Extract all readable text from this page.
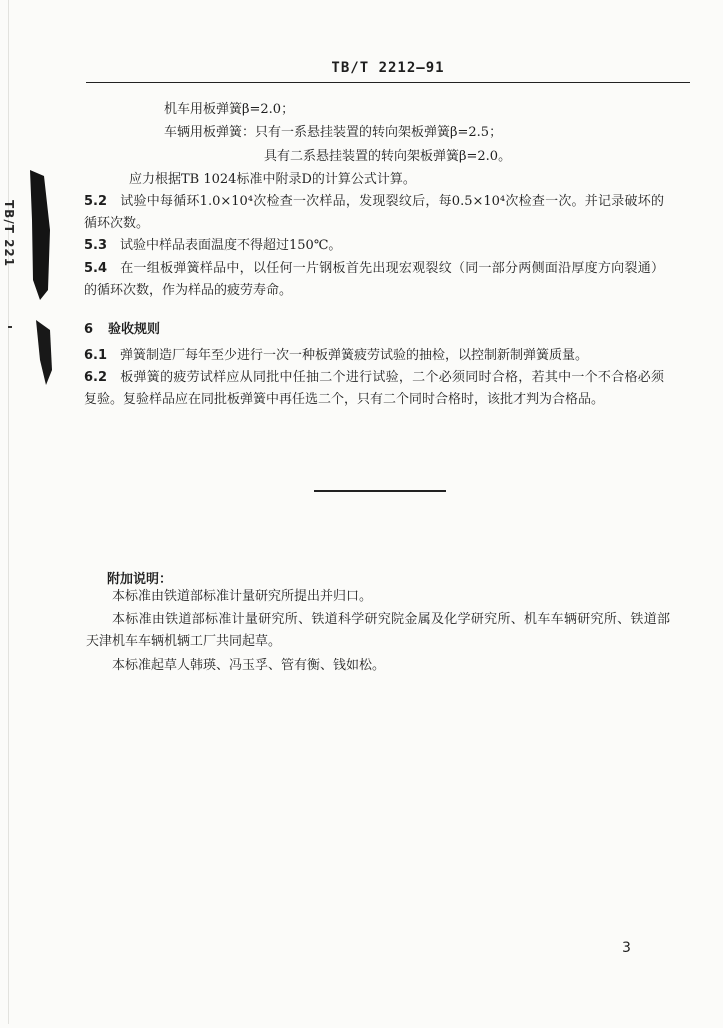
TB/T 221
TB/T 2212—91
机车用板弹簧β=2.0；
车辆用板弹簧：只有一系悬挂装置的转向架板弹簧β=2.5；
具有二系悬挂装置的转向架板弹簧β=2.0。
应力根据TB 1024标准中附录D的计算公式计算。
5.2 试验中每循环1.0×10⁴次检查一次样品，发现裂纹后，每0.5×10⁴次检查一次。并记录破坏的循环次数。
5.3 试验中样品表面温度不得超过150℃。
5.4 在一组板弹簧样品中，以任何一片钢板首先出现宏观裂纹（同一部分两侧面沿厚度方向裂通）的循环次数，作为样品的疲劳寿命。
6 验收规则
6.1 弹簧制造厂每年至少进行一次一种板弹簧疲劳试验的抽检，以控制新制弹簧质量。
6.2 板弹簧的疲劳试样应从同批中任抽二个进行试验，二个必须同时合格，若其中一个不合格必须复验。复验样品应在同批板弹簧中再任选二个，只有二个同时合格时，该批才判为合格品。
附加说明：
本标准由铁道部标准计量研究所提出并归口。
本标准由铁道部标准计量研究所、铁道科学研究院金属及化学研究所、机车车辆研究所、铁道部天津机车车辆机辆工厂共同起草。
本标准起草人韩瑛、冯玉孚、管有衡、钱如松。
3
